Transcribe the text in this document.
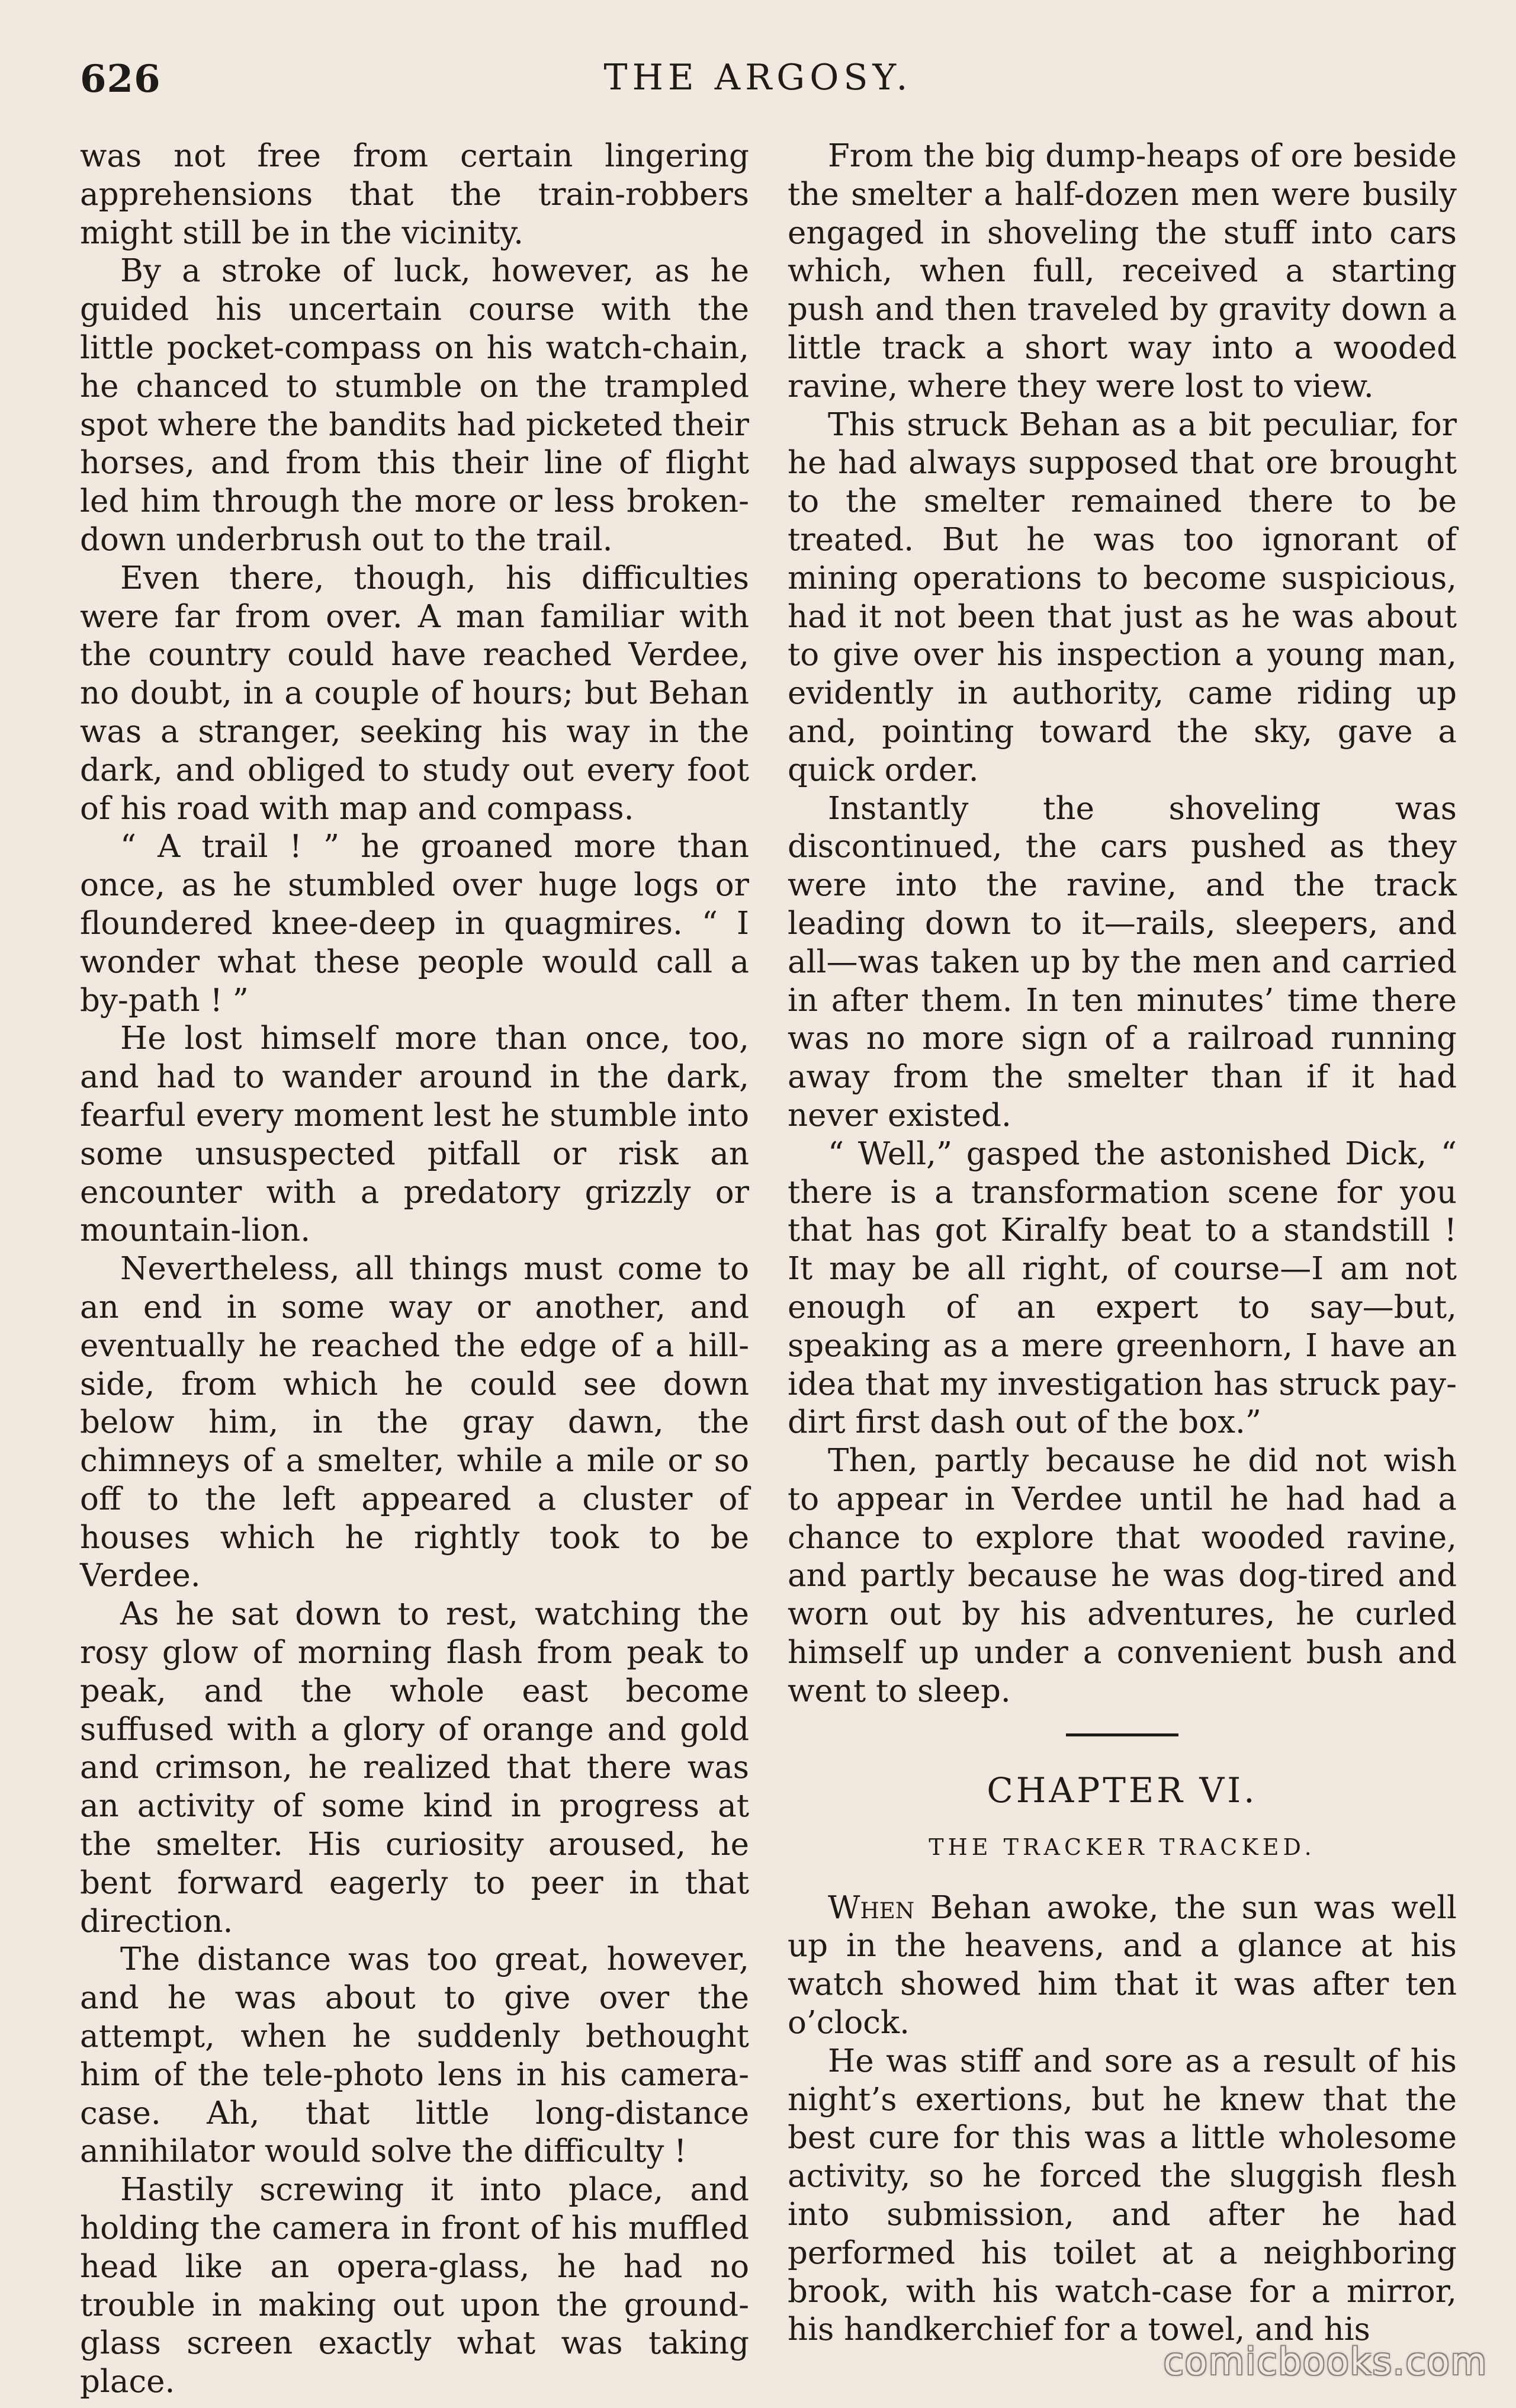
626	THE ARGOSY.

was not free from certain lingering apprehensions that the train-robbers might still be in the vicinity.

By a stroke of luck, however, as he guided his uncertain course with the little pocket-compass on his watch-chain, he chanced to stumble on the trampled spot where the bandits had picketed their horses, and from this their line of flight led him through the more or less broken-down underbrush out to the trail.

Even there, though, his difficulties were far from over. A man familiar with the country could have reached Verdee, no doubt, in a couple of hours; but Behan was a stranger, seeking his way in the dark, and obliged to study out every foot of his road with map and compass.

“ A trail ! ” he groaned more than once, as he stumbled over huge logs or floundered knee-deep in quagmires. “ I wonder what these people would call a by-path ! ”

He lost himself more than once, too, and had to wander around in the dark, fearful every moment lest he stumble into some unsuspected pitfall or risk an encounter with a predatory grizzly or mountain-lion.

Nevertheless, all things must come to an end in some way or another, and eventually he reached the edge of a hill-side, from which he could see down below him, in the gray dawn, the chimneys of a smelter, while a mile or so off to the left appeared a cluster of houses which he rightly took to be Verdee.

As he sat down to rest, watching the rosy glow of morning flash from peak to peak, and the whole east become suffused with a glory of orange and gold and crimson, he realized that there was an activity of some kind in progress at the smelter. His curiosity aroused, he bent forward eagerly to peer in that direction.

The distance was too great, however, and he was about to give over the attempt, when he suddenly bethought him of the tele-photo lens in his camera-case. Ah, that little long-distance annihilator would solve the difficulty !

Hastily screwing it into place, and holding the camera in front of his muffled head like an opera-glass, he had no trouble in making out upon the ground-glass screen exactly what was taking place.

From the big dump-heaps of ore beside the smelter a half-dozen men were busily engaged in shoveling the stuff into cars which, when full, received a starting push and then traveled by gravity down a little track a short way into a wooded ravine, where they were lost to view.

This struck Behan as a bit peculiar, for he had always supposed that ore brought to the smelter remained there to be treated. But he was too ignorant of mining operations to become suspicious, had it not been that just as he was about to give over his inspection a young man, evidently in authority, came riding up and, pointing toward the sky, gave a quick order.

Instantly the shoveling was discontinued, the cars pushed as they were into the ravine, and the track leading down to it—rails, sleepers, and all—was taken up by the men and carried in after them. In ten minutes’ time there was no more sign of a railroad running away from the smelter than if it had never existed.

“ Well,” gasped the astonished Dick, “ there is a transformation scene for you that has got Kiralfy beat to a standstill ! It may be all right, of course—I am not enough of an expert to say—but, speaking as a mere greenhorn, I have an idea that my investigation has struck pay-dirt first dash out of the box.”

Then, partly because he did not wish to appear in Verdee until he had had a chance to explore that wooded ravine, and partly because he was dog-tired and worn out by his adventures, he curled himself up under a convenient bush and went to sleep.

CHAPTER VI.
THE TRACKER TRACKED.

When Behan awoke, the sun was well up in the heavens, and a glance at his watch showed him that it was after ten o’clock.

He was stiff and sore as a result of his night’s exertions, but he knew that the best cure for this was a little wholesome activity, so he forced the sluggish flesh into submission, and after he had performed his toilet at a neighboring brook, with his watch-case for a mirror, his handkerchief for a towel, and his

comicbooks.com
